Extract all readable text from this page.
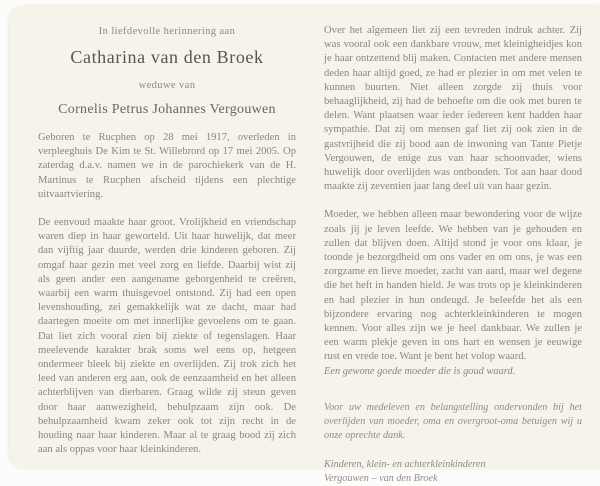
In liefdevolle herinnering aan
Catharina van den Broek
weduwe van
Cornelis Petrus Johannes Vergouwen

Geboren te Rucphen op 28 mei 1917, overleden in verpleeghuis De Kim te St. Willebrord op 17 mei 2005. Op zaterdag d.a.v. namen we in de parochiekerk van de H. Martinus te Rucphen afscheid tijdens een plechtige uitvaartviering.

De eenvoud maakte haar groot. Vrolijkheid en vriendschap waren diep in haar geworteld. Uit haar huwelijk, dat meer dan vijftig jaar duurde, werden drie kinderen geboren. Zij omgaf haar gezin met veel zorg en liefde. Daarbij wist zij als geen ander een aangename geborgenheid te creëren, waarbij een warm thuisgevoel ontstond. Zij had een open levenshouding, zei gemakkelijk wat ze dacht, maar had daartegen moeite om met innerlijke gevoelens om te gaan. Dat liet zich vooral zien bij ziekte of tegenslagen. Haar meelevende karakter brak soms wel eens op, hetgeen ondermeer bleek bij ziekte en overlijden. Zij trok zich het leed van anderen erg aan, ook de eenzaamheid en het alleen achterblijven van dierbaren. Graag wilde zij steun geven door haar aanwezigheid, behulpzaam zijn ook. De behulpzaamheid kwam zeker ook tot zijn recht in de houding naar haar kinderen. Maar al te graag bood zij zich aan als oppas voor haar kleinkinderen.

Over het algemeen liet zij een tevreden indruk achter. Zij was vooral ook een dankbare vrouw, met kleinigheidjes kon je haar ontzettend blij maken. Contacten met andere mensen deden haar altijd goed, ze had er plezier in om met velen te kunnen buurten. Niet alleen zorgde zij thuis voor behaaglijkheid, zij had de behoefte om die ook met buren te delen. Want plaatsen waar ieder iedereen kent hadden haar sympathie. Dat zij om mensen gaf liet zij ook zien in de gastvrijheid die zij bood aan de inwoning van Tante Pietje Vergouwen, de enige zus van haar schoonvader, wiens huwelijk door overlijden was ontbonden. Tot aan haar dood maakte zij zeventien jaar lang deel uit van haar gezin.

Moeder, we hebben alleen maar bewondering voor de wijze zoals jij je leven leefde. We hebben van je gehouden en zullen dat blijven doen. Altijd stond je voor ons klaar, je toonde je bezorgdheid om ons vader en om ons, je was een zorgzame en lieve moeder, zacht van aard, maar wel degene die het heft in handen hield. Je was trots op je kleinkinderen en had plezier in hun ondeugd. Je beleefde het als een bijzondere ervaring nog achterkleinkinderen te mogen kennen. Voor alles zijn we je heel dankbaar. We zullen je een warm plekje geven in ons hart en wensen je eeuwige rust en vrede toe. Want je bent het volop waard.

Een gewone goede moeder die is goud waard.

Voor uw medeleven en belangstelling ondervonden bij het overlijden van moeder, oma en overgroot-oma betuigen wij u onze oprechte dank.

Kinderen, klein- en achterkleinkinderen
Vergouwen – van den Broek
